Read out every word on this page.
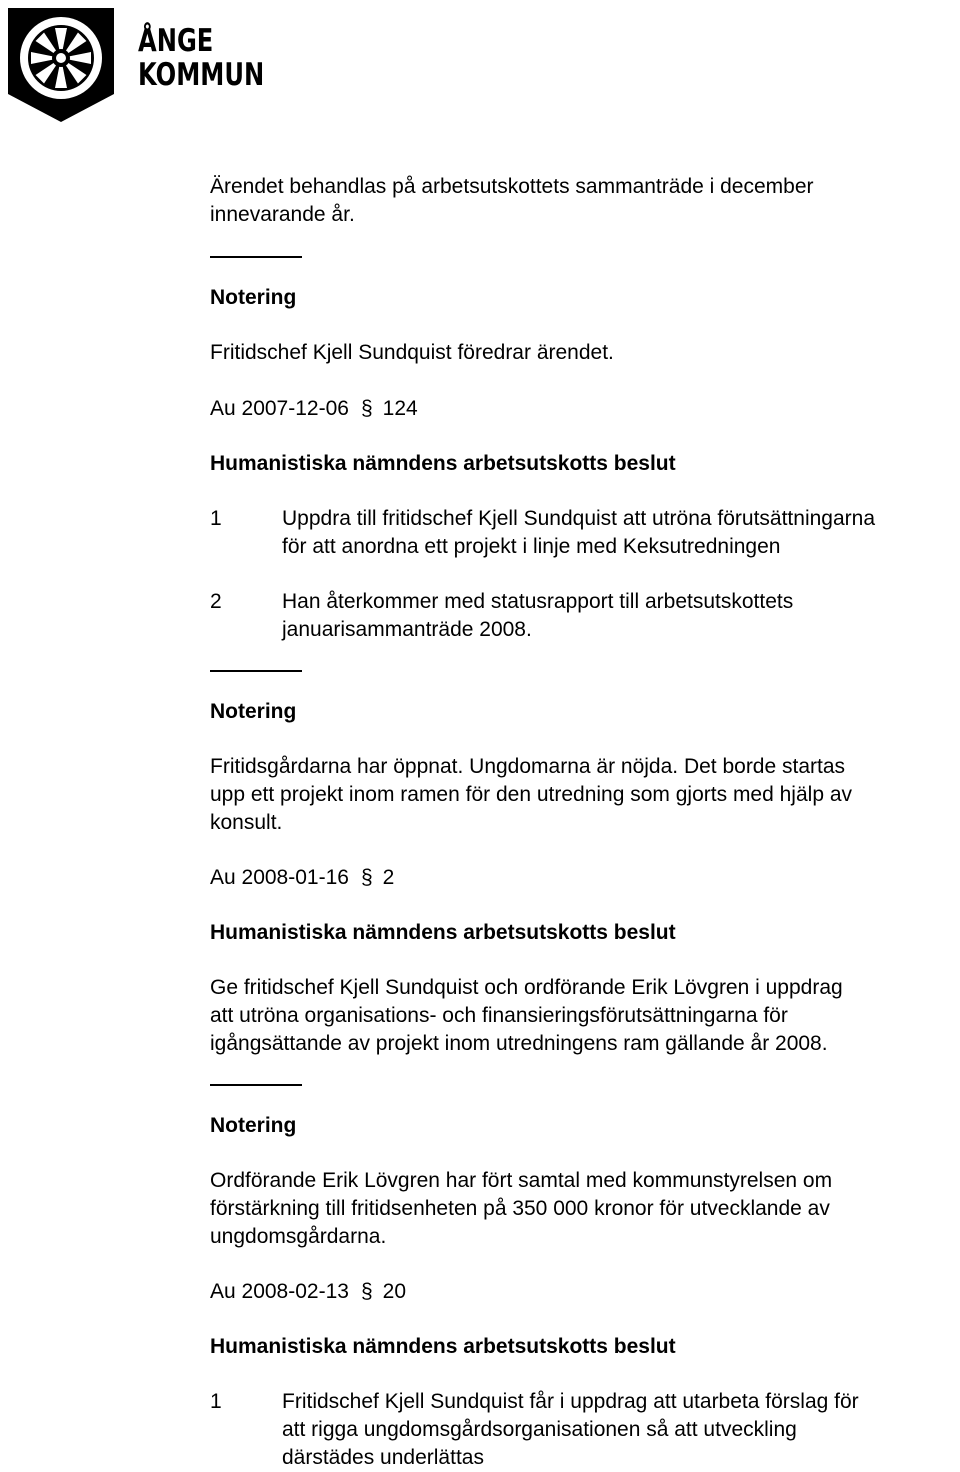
ÅNGE
KOMMUN
Ärendet behandlas på arbetsutskottets sammanträde i december
innevarande år.
Notering
Fritidschef Kjell Sundquist föredrar ärendet.
Au 2007-12-06 § 124
Humanistiska nämndens arbetsutskotts beslut
1	Uppdra till fritidschef Kjell Sundquist att utröna förutsättningarna
för att anordna ett projekt i linje med Keksutredningen
2	Han återkommer med statusrapport till arbetsutskottets
januarisammanträde 2008.
Notering
Fritidsgårdarna har öppnat. Ungdomarna är nöjda. Det borde startas
upp ett projekt inom ramen för den utredning som gjorts med hjälp av
konsult.
Au 2008-01-16 § 2
Humanistiska nämndens arbetsutskotts beslut
Ge fritidschef Kjell Sundquist och ordförande Erik Lövgren i uppdrag
att utröna organisations- och finansieringsförutsättningarna för
igångsättande av projekt inom utredningens ram gällande år 2008.
Notering
Ordförande Erik Lövgren har fört samtal med kommunstyrelsen om
förstärkning till fritidsenheten på 350 000 kronor för utvecklande av
ungdomsgårdarna.
Au 2008-02-13 § 20
Humanistiska nämndens arbetsutskotts beslut
1	Fritidschef Kjell Sundquist får i uppdrag att utarbeta förslag för
att rigga ungdomsgårdsorganisationen så att utveckling
därstädes underlättas
